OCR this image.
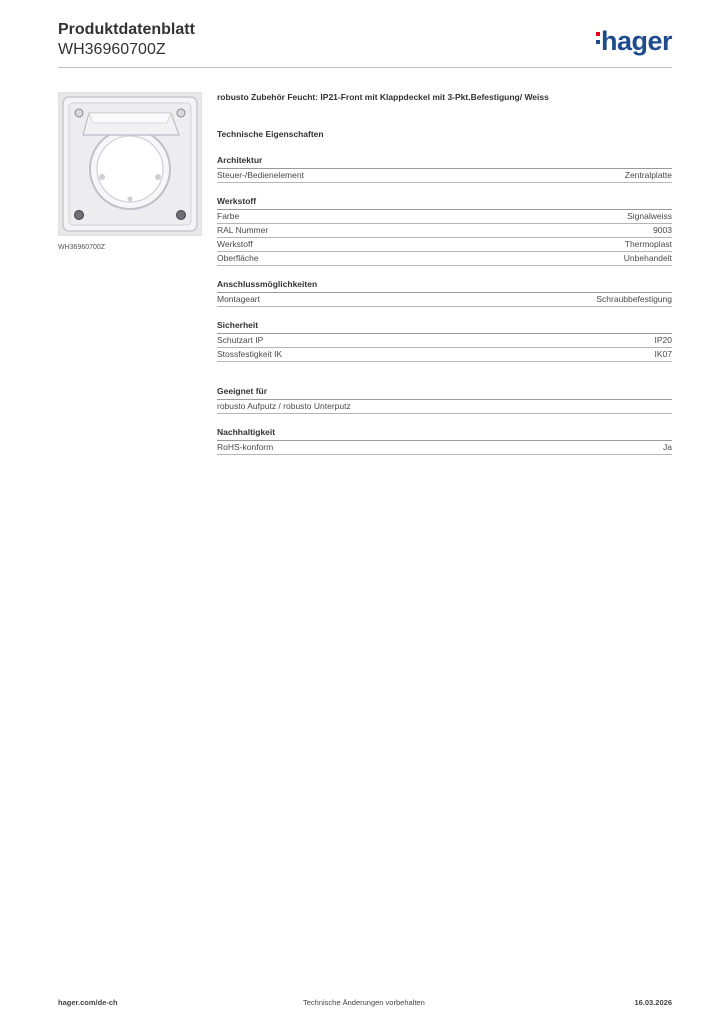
Produktdatenblatt
WH36960700Z	hager
WH36960700Z
robusto Zubehör Feucht: IP21-Front mit Klappdeckel mit 3-Pkt.Befestigung/ Weiss
Technische Eigenschaften
Architektur
Steuer-/Bedienelement	Zentralplatte
Werkstoff
Farbe	Signalweiss
RAL Nummer	9003
Werkstoff	Thermoplast
Oberfläche	Unbehandelt
Anschlussmöglichkeiten
Montageart	Schraubbefestigung
Sicherheit
Schutzart IP	IP20
Stossfestigkeit IK	IK07
Geeignet für
robusto Aufputz / robusto Unterputz
Nachhaltigkeit
RoHS-konform	Ja
hager.com/de-ch	Technische Änderungen vorbehalten	16.03.2026
